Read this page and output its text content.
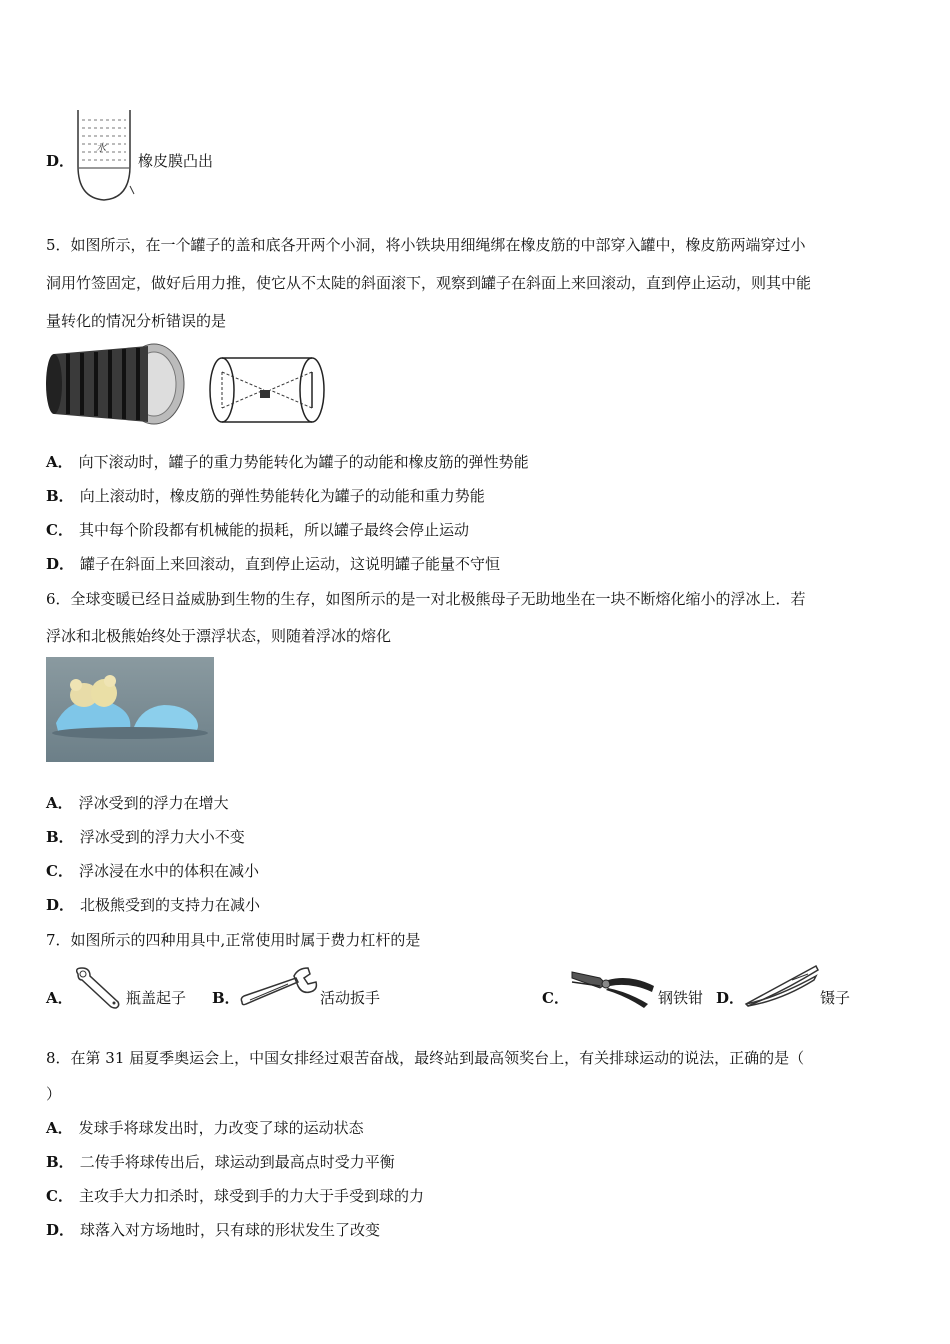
D．
水
橡皮膜凸出
5．如图所示，在一个罐子的盖和底各开两个小洞，将小铁块用细绳绑在橡皮筋的中部穿入罐中，橡皮筋两端穿过小
洞用竹签固定，做好后用力推，使它从不太陡的斜面滚下，观察到罐子在斜面上来回滚动，直到停止运动，则其中能
量转化的情况分析错误的是
A． 向下滚动时，罐子的重力势能转化为罐子的动能和橡皮筋的弹性势能
B． 向上滚动时，橡皮筋的弹性势能转化为罐子的动能和重力势能
C． 其中每个阶段都有机械能的损耗，所以罐子最终会停止运动
D． 罐子在斜面上来回滚动，直到停止运动，这说明罐子能量不守恒
6．全球变暖已经日益威胁到生物的生存，如图所示的是一对北极熊母子无助地坐在一块不断熔化缩小的浮冰上．若
浮冰和北极熊始终处于漂浮状态，则随着浮冰的熔化
A． 浮冰受到的浮力在增大
B． 浮冰受到的浮力大小不变
C． 浮冰浸在水中的体积在减小
D． 北极熊受到的支持力在减小
7．如图所示的四种用具中,正常使用时属于费力杠杆的是
A．	瓶盖起子 B．	活动扳手	C．	钢铁钳 D．	镊子
8．在第 31 届夏季奥运会上，中国女排经过艰苦奋战，最终站到最高领奖台上，有关排球运动的说法，正确的是（
）
A． 发球手将球发出时，力改变了球的运动状态
B． 二传手将球传出后，球运动到最高点时受力平衡
C． 主攻手大力扣杀时，球受到手的力大于手受到球的力
D． 球落入对方场地时，只有球的形状发生了改变
